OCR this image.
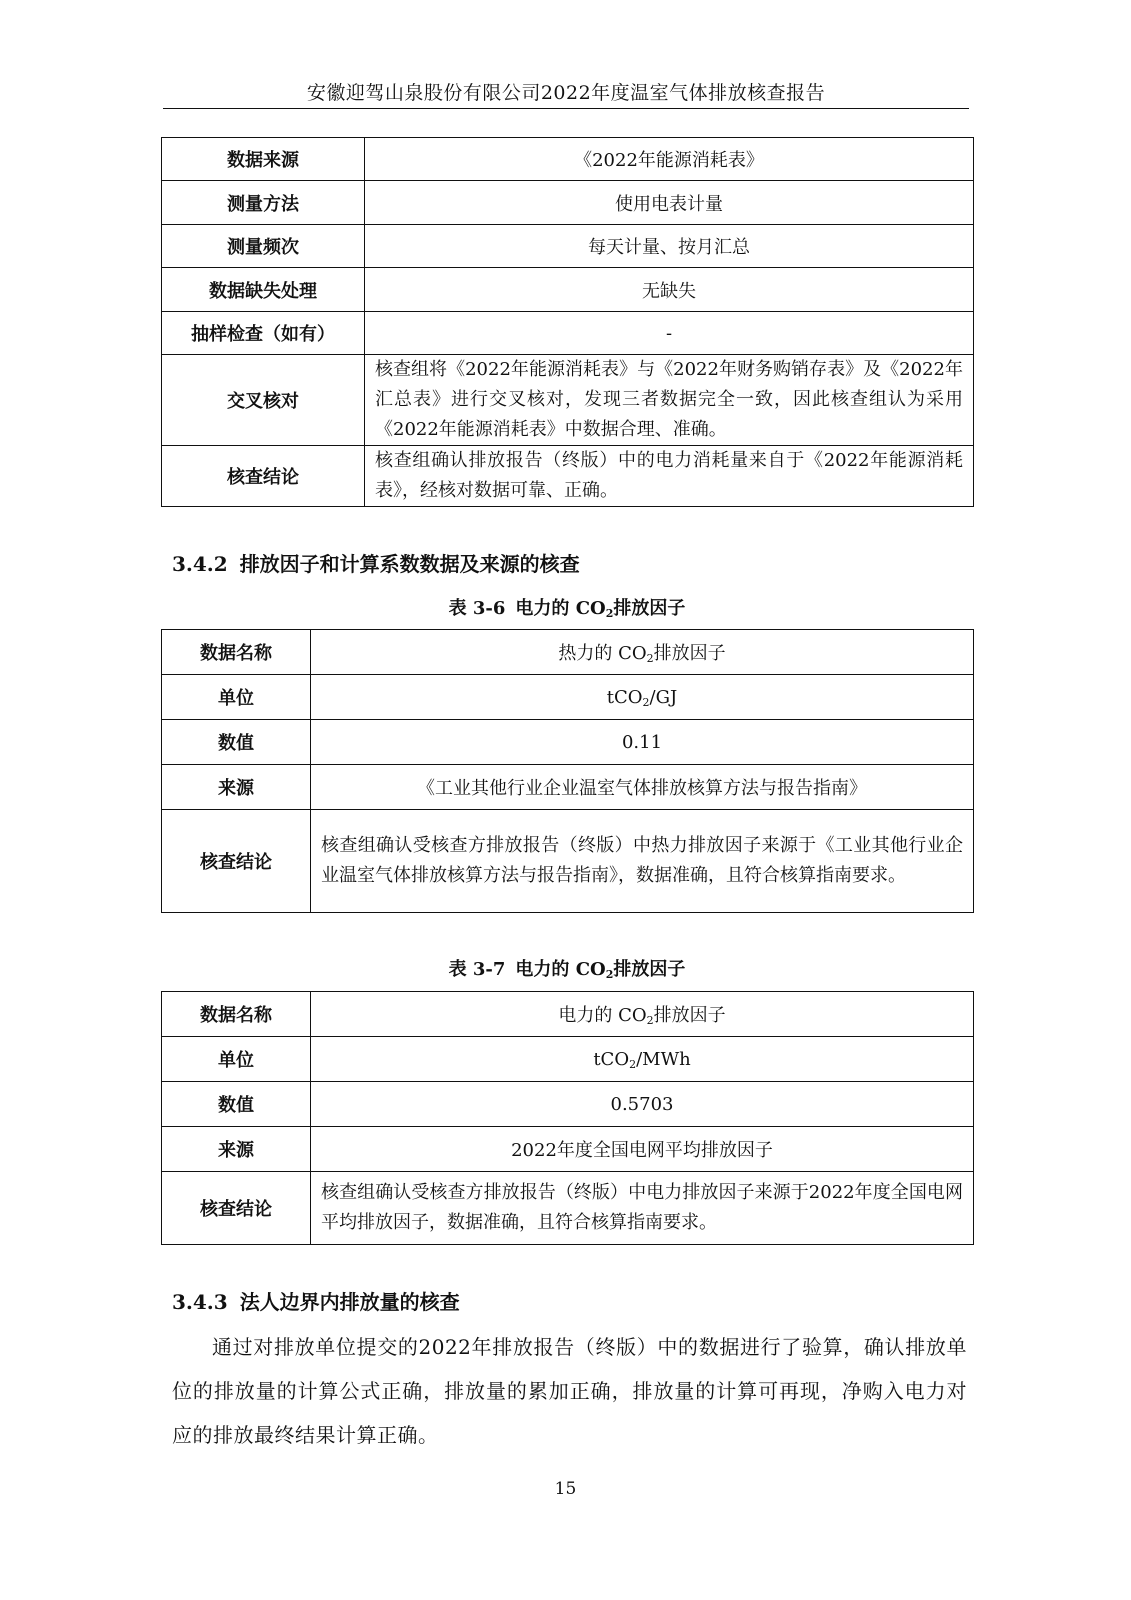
安徽迎驾山泉股份有限公司2022年度温室气体排放核查报告
数据来源	《2022年能源消耗表》
测量方法	使用电表计量
测量频次	每天计量、按月汇总
数据缺失处理	无缺失
抽样检查（如有）	-
交叉核对	核查组将《2022年能源消耗表》与《2022年财务购销存表》及《2022年汇总表》进行交叉核对，发现三者数据完全一致，因此核查组认为采用《2022年能源消耗表》中数据合理、准确。
核查结论	核查组确认排放报告（终版）中的电力消耗量来自于《2022年能源消耗表》，经核对数据可靠、正确。
3.4.2 排放因子和计算系数数据及来源的核查
表 3-6 电力的 $CO_2$排放因子
数据名称	热力的 $CO_2$排放因子
单位	tCO$_2$/GJ
数值	0.11
来源	《工业其他行业企业温室气体排放核算方法与报告指南》
核查结论	核查组确认受核查方排放报告（终版）中热力排放因子来源于《工业其他行业企业温室气体排放核算方法与报告指南》，数据准确，且符合核算指南要求。
表 3-7 电力的 $CO_2$排放因子
数据名称	电力的 $CO_2$排放因子
单位	tCO$_2$/MWh
数值	0.5703
来源	2022年度全国电网平均排放因子
核查结论	核查组确认受核查方排放报告（终版）中电力排放因子来源于2022年度全国电网平均排放因子，数据准确，且符合核算指南要求。
3.4.3 法人边界内排放量的核查
通过对排放单位提交的2022年排放报告（终版）中的数据进行了验算，确认排放单位的排放量的计算公式正确，排放量的累加正确，排放量的计算可再现，净购入电力对应的排放最终结果计算正确。
15
